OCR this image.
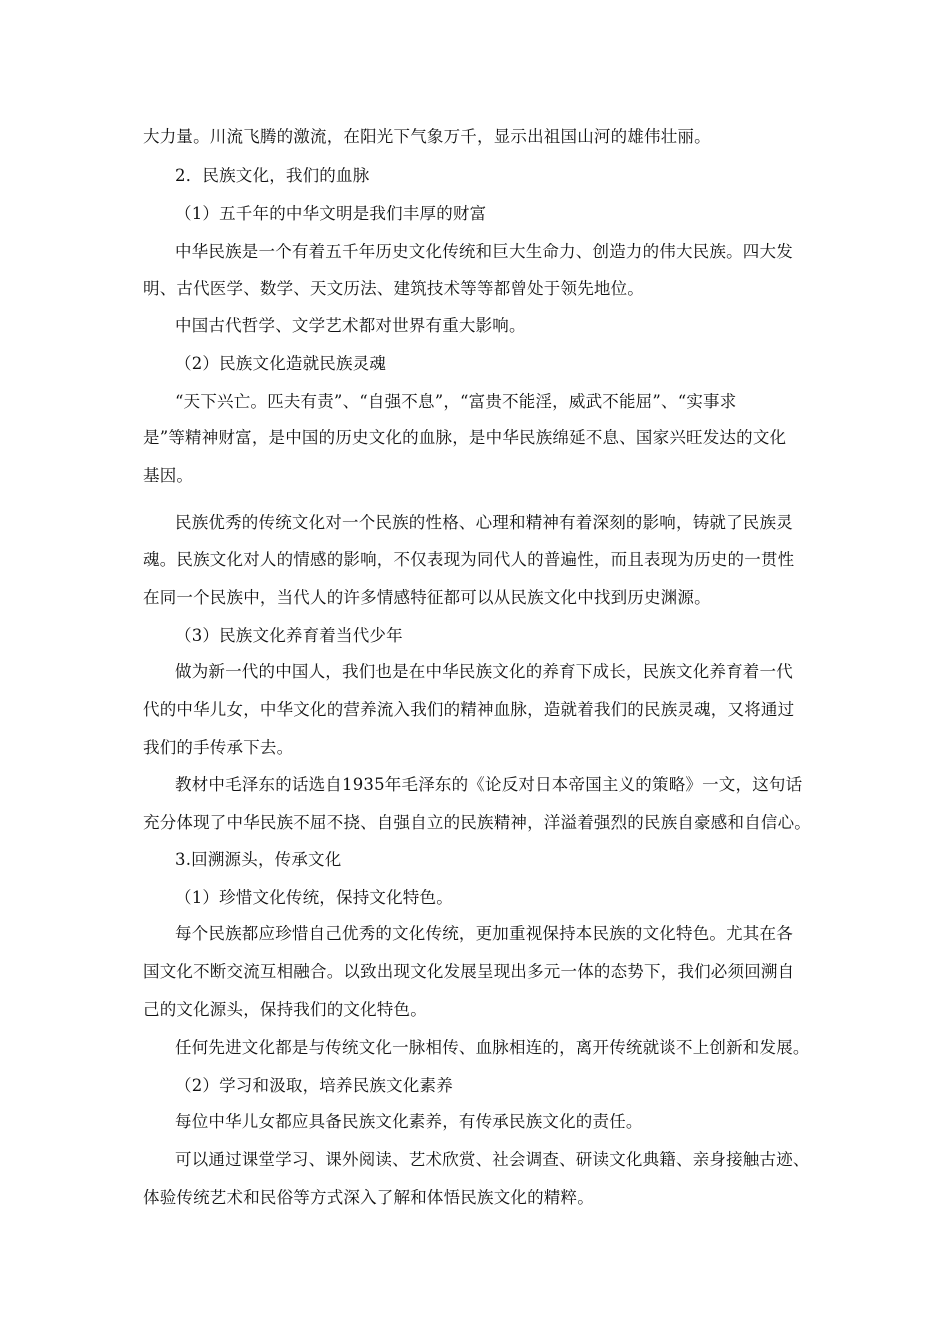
大力量。川流飞腾的激流，在阳光下气象万千，显示出祖国山河的雄伟壮丽。
2．民族文化，我们的血脉
（1）五千年的中华文明是我们丰厚的财富
中华民族是一个有着五千年历史文化传统和巨大生命力、创造力的伟大民族。四大发
明、古代医学、数学、天文历法、建筑技术等等都曾处于领先地位。
中国古代哲学、文学艺术都对世界有重大影响。
（2）民族文化造就民族灵魂
“天下兴亡。匹夫有责”、“自强不息”，“富贵不能淫，威武不能屈”、“实事求
是”等精神财富，是中国的历史文化的血脉，是中华民族绵延不息、国家兴旺发达的文化
基因。
民族优秀的传统文化对一个民族的性格、心理和精神有着深刻的影响，铸就了民族灵
魂。民族文化对人的情感的影响，不仅表现为同代人的普遍性，而且表现为历史的一贯性
在同一个民族中，当代人的许多情感特征都可以从民族文化中找到历史渊源。
（3）民族文化养育着当代少年
做为新一代的中国人，我们也是在中华民族文化的养育下成长，民族文化养育着一代
代的中华儿女，中华文化的营养流入我们的精神血脉，造就着我们的民族灵魂，又将通过
我们的手传承下去。
教材中毛泽东的话选自1935年毛泽东的《论反对日本帝国主义的策略》一文，这句话
充分体现了中华民族不屈不挠、自强自立的民族精神，洋溢着强烈的民族自豪感和自信心。
3.回溯源头，传承文化
（1）珍惜文化传统，保持文化特色。
每个民族都应珍惜自己优秀的文化传统，更加重视保持本民族的文化特色。尤其在各
国文化不断交流互相融合。以致出现文化发展呈现出多元一体的态势下，我们必须回溯自
己的文化源头，保持我们的文化特色。
任何先进文化都是与传统文化一脉相传、血脉相连的，离开传统就谈不上创新和发展。
（2）学习和汲取，培养民族文化素养
每位中华儿女都应具备民族文化素养，有传承民族文化的责任。
可以通过课堂学习、课外阅读、艺术欣赏、社会调查、研读文化典籍、亲身接触古迹、
体验传统艺术和民俗等方式深入了解和体悟民族文化的精粹。
